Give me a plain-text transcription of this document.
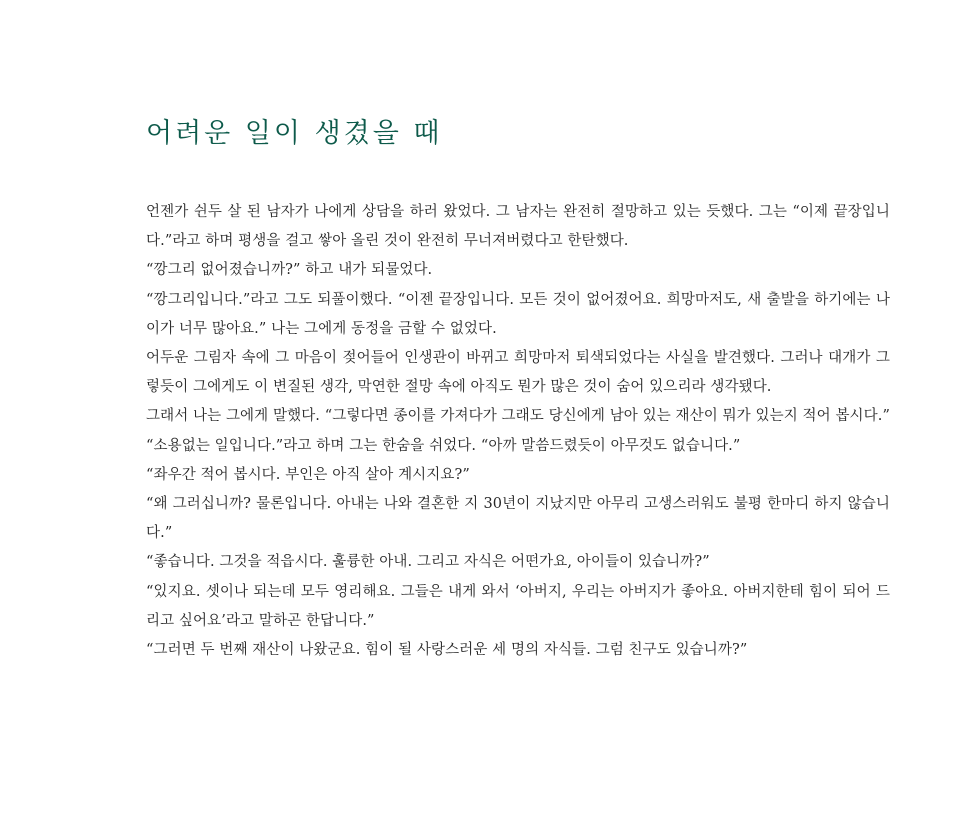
어려운 일이 생겼을 때

언젠가 쉰두 살 된 남자가 나에게 상담을 하러 왔었다. 그 남자는 완전히 절망하고 있는 듯했다. 그는 “이제 끝장입니다.”라고 하며 평생을 걸고 쌓아 올린 것이 완전히 무너져버렸다고 한탄했다.

“깡그리 없어졌습니까?” 하고 내가 되물었다.

“깡그리입니다.”라고 그도 되풀이했다. “이젠 끝장입니다. 모든 것이 없어졌어요. 희망마저도, 새 출발을 하기에는 나이가 너무 많아요.” 나는 그에게 동정을 금할 수 없었다.

어두운 그림자 속에 그 마음이 젖어들어 인생관이 바뀌고 희망마저 퇴색되었다는 사실을 발견했다. 그러나 대개가 그렇듯이 그에게도 이 변질된 생각, 막연한 절망 속에 아직도 뭔가 많은 것이 숨어 있으리라 생각됐다.

그래서 나는 그에게 말했다. “그렇다면 종이를 가져다가 그래도 당신에게 남아 있는 재산이 뭐가 있는지 적어 봅시다.”

“소용없는 일입니다.”라고 하며 그는 한숨을 쉬었다. “아까 말씀드렸듯이 아무것도 없습니다.”

“좌우간 적어 봅시다. 부인은 아직 살아 계시지요?”

“왜 그러십니까? 물론입니다. 아내는 나와 결혼한 지 30년이 지났지만 아무리 고생스러워도 불평 한마디 하지 않습니다.”

“좋습니다. 그것을 적읍시다. 훌륭한 아내. 그리고 자식은 어떤가요, 아이들이 있습니까?”

“있지요. 셋이나 되는데 모두 영리해요. 그들은 내게 와서 ‘아버지, 우리는 아버지가 좋아요. 아버지한테 힘이 되어 드리고 싶어요’라고 말하곤 한답니다.”

“그러면 두 번째 재산이 나왔군요. 힘이 될 사랑스러운 세 명의 자식들. 그럼 친구도 있습니까?”
